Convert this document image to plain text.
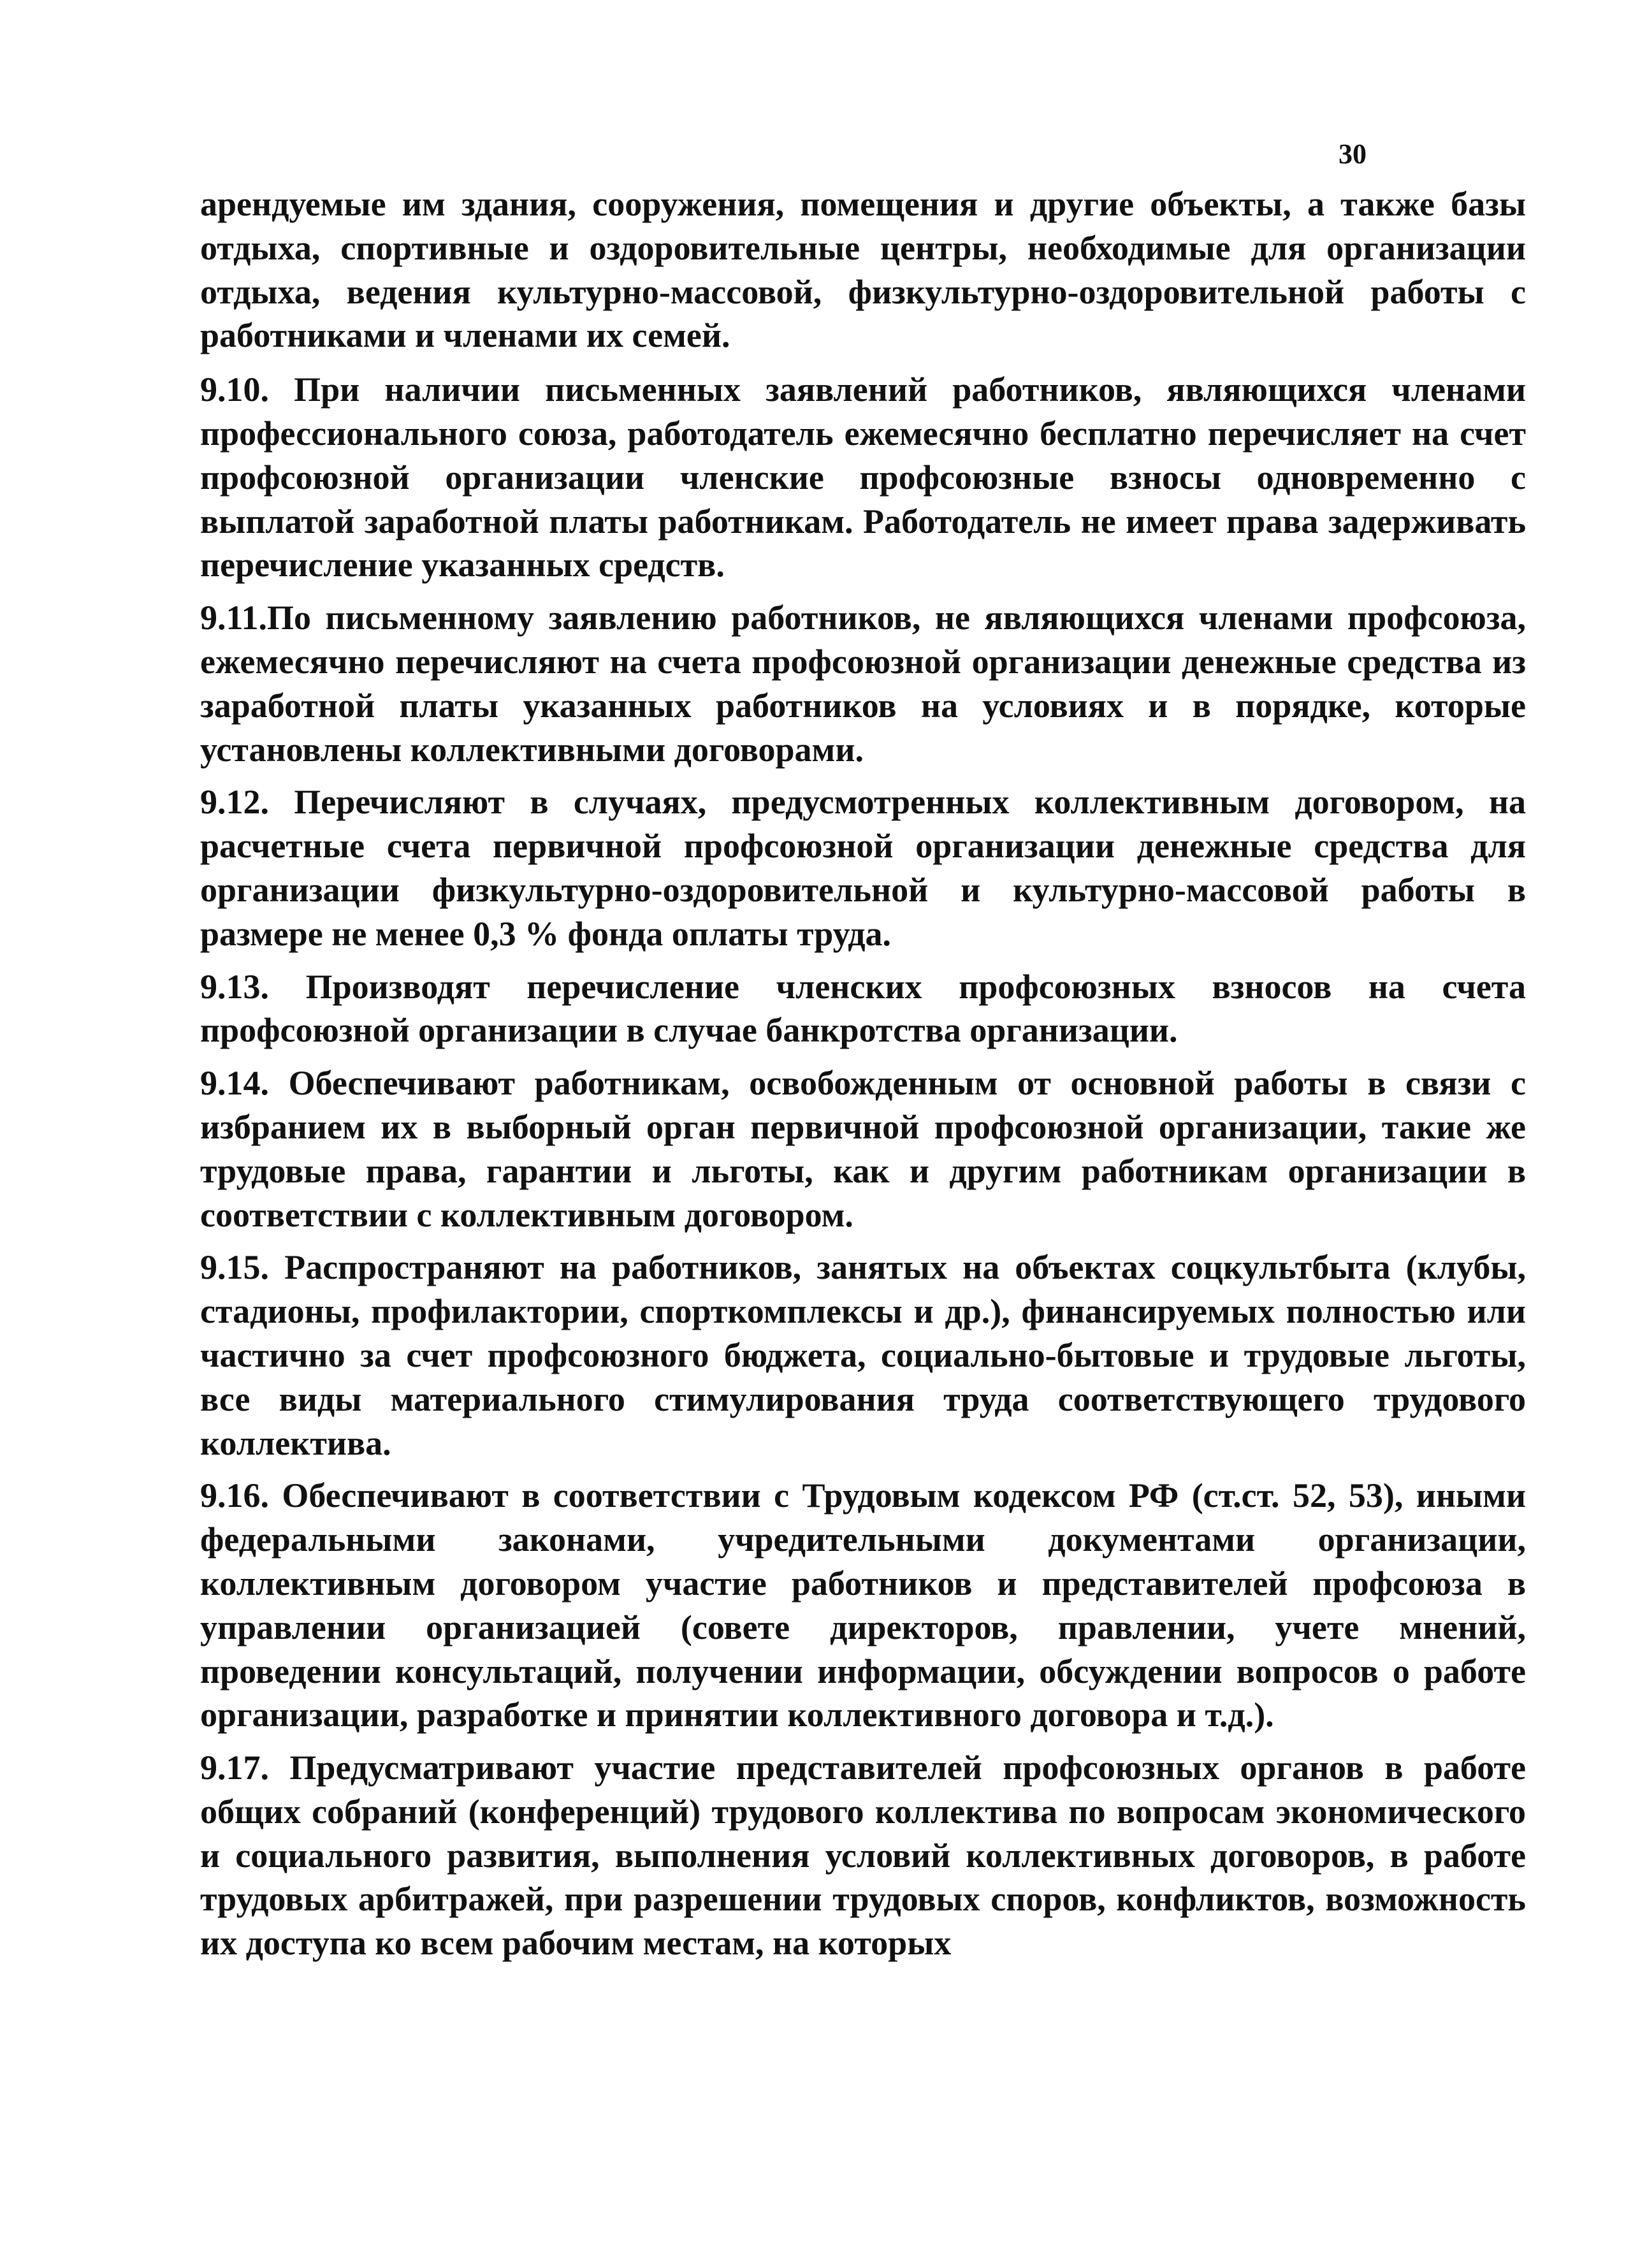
30

арендуемые им здания, сооружения, помещения и другие объекты, а также базы отдыха, спортивные и оздоровительные центры, необходимые для организации отдыха, ведения культурно-массовой, физкультурно-оздоровительной работы с работниками и членами их семей.

9.10. При наличии письменных заявлений работников, являющихся членами профессионального союза, работодатель ежемесячно бесплатно перечисляет на счет профсоюзной организации членские профсоюзные взносы одновременно с выплатой заработной платы работникам. Работодатель не имеет права задерживать перечисление указанных средств.

9.11.По письменному заявлению работников, не являющихся членами профсоюза, ежемесячно перечисляют на счета профсоюзной организации денежные средства из заработной платы указанных работников на условиях и в порядке, которые установлены коллективными договорами.

9.12. Перечисляют в случаях, предусмотренных коллективным договором, на расчетные счета первичной профсоюзной организации денежные средства для организации физкультурно-оздоровительной и культурно-массовой работы в размере не менее 0,3 % фонда оплаты труда.

9.13. Производят перечисление членских профсоюзных взносов на счета профсоюзной организации в случае банкротства организации.

9.14. Обеспечивают работникам, освобожденным от основной работы в связи с избранием их в выборный орган первичной профсоюзной организации, такие же трудовые права, гарантии и льготы, как и другим работникам организации в соответствии с коллективным договором.

9.15. Распространяют на работников, занятых на объектах соцкультбыта (клубы, стадионы, профилактории, спорткомплексы и др.), финансируемых полностью или частично за счет профсоюзного бюджета, социально-бытовые и трудовые льготы, все виды материального стимулирования труда соответствующего трудового коллектива.

9.16. Обеспечивают в соответствии с Трудовым кодексом РФ (ст.ст. 52, 53), иными федеральными законами, учредительными документами организации, коллективным договором участие работников и представителей профсоюза в управлении организацией (совете директоров, правлении, учете мнений, проведении консультаций, получении информации, обсуждении вопросов о работе организации, разработке и принятии коллективного договора и т.д.).

9.17. Предусматривают участие представителей профсоюзных органов в работе общих собраний (конференций) трудового коллектива по вопросам экономического и социального развития, выполнения условий коллективных договоров, в работе трудовых арбитражей, при разрешении трудовых споров, конфликтов, возможность их доступа ко всем рабочим местам, на которых
